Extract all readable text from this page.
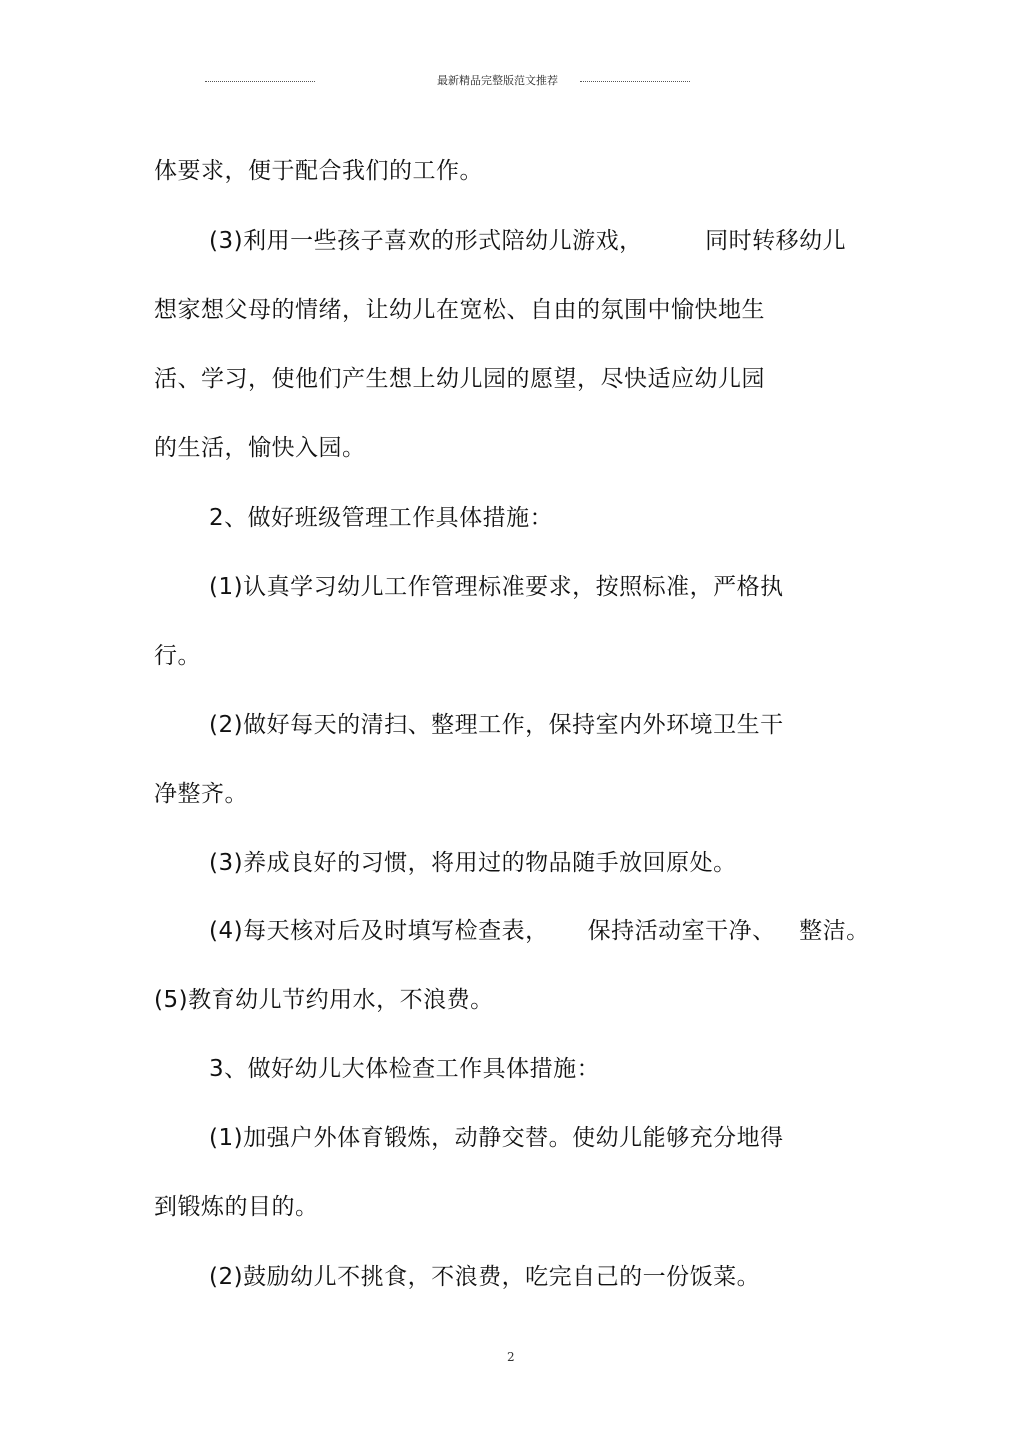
最新精品完整版范文推荐
体要求，便于配合我们的工作。
(3)利用一些孩子喜欢的形式陪幼儿游戏，        同时转移幼儿
想家想父母的情绪，让幼儿在宽松、自由的氛围中愉快地生
活、学习，使他们产生想上幼儿园的愿望，尽快适应幼儿园
的生活，愉快入园。
2、做好班级管理工作具体措施：
(1)认真学习幼儿工作管理标准要求，按照标准，严格执
行。
(2)做好每天的清扫、整理工作，保持室内外环境卫生干
净整齐。
(3)养成良好的习惯，将用过的物品随手放回原处。
(4)每天核对后及时填写检查表，     保持活动室干净、   整洁。
(5)教育幼儿节约用水，不浪费。
3、做好幼儿大体检查工作具体措施：
(1)加强户外体育锻炼，动静交替。使幼儿能够充分地得
到锻炼的目的。
(2)鼓励幼儿不挑食，不浪费，吃完自己的一份饭菜。
2
